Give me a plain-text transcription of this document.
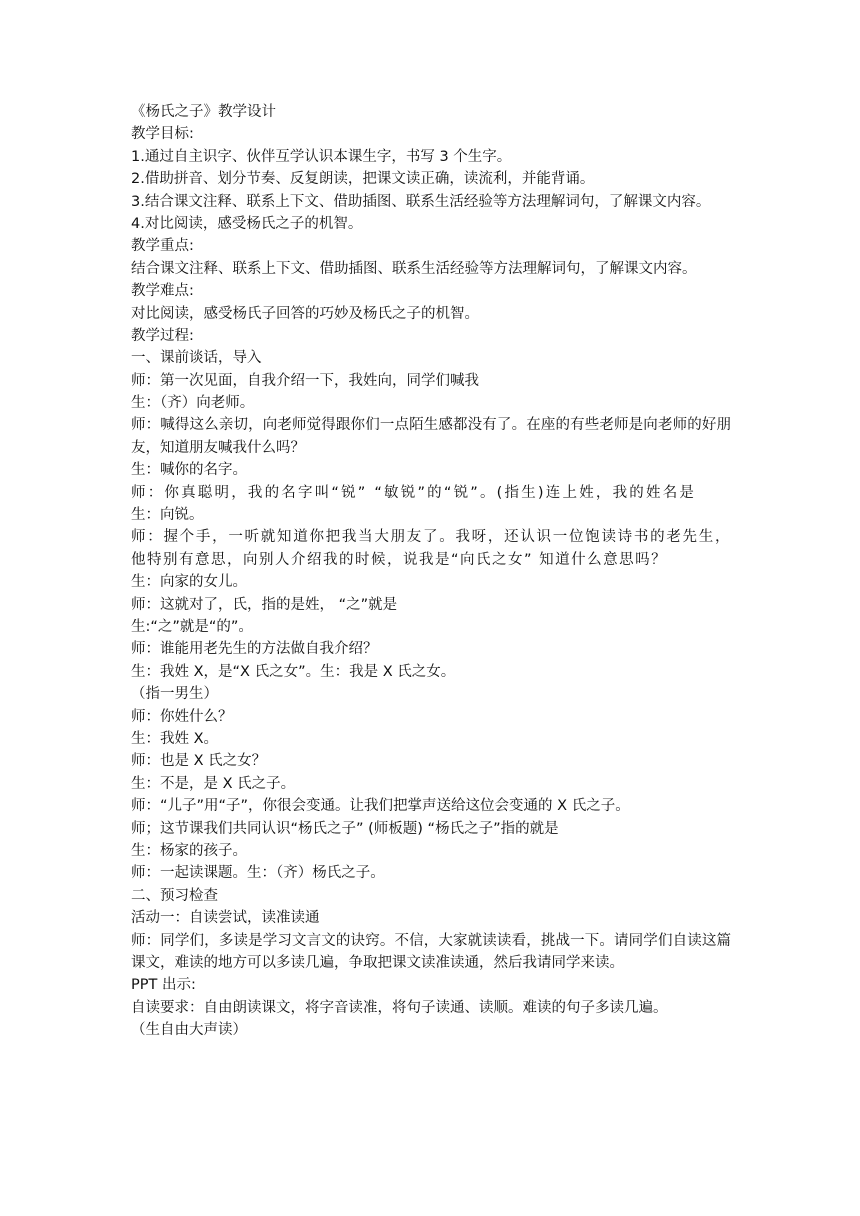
《杨氏之子》教学设计
教学目标:
1.通过自主识字、伙伴互学认识本课生字，书写 3 个生字。
2.借助拼音、划分节奏、反复朗读，把课文读正确，读流利，并能背诵。
3.结合课文注释、联系上下文、借助插图、联系生活经验等方法理解词句，了解课文内容。
4.对比阅读，感受杨氏之子的机智。
教学重点:
结合课文注释、联系上下文、借助插图、联系生活经验等方法理解词句，了解课文内容。
教学难点:
对比阅读，感受杨氏子回答的巧妙及杨氏之子的机智。
教学过程:
一、课前谈话，导入
师：第一次见面，自我介绍一下，我姓向，同学们喊我
生：（齐）向老师。
师：喊得这么亲切，向老师觉得跟你们一点陌生感都没有了。在座的有些老师是向老师的好朋友，知道朋友喊我什么吗？
生：喊你的名字。
师：你真聪明，我的名字叫“锐” “敏锐”的“锐”。(指生)连上姓，我的姓名是
生：向锐。
师：握个手，一听就知道你把我当大朋友了。我呀，还认识一位饱读诗书的老先生，他特别有意思，向别人介绍我的时候，说我是“向氏之女” 知道什么意思吗？
生：向家的女儿。
师：这就对了，氏，指的是姓， “之”就是
生:“之”就是“的”。
师：谁能用老先生的方法做自我介绍？
生：我姓 X，是“X 氏之女”。生：我是 X 氏之女。
（指一男生）
师：你姓什么？
生：我姓 X。
师：也是 X 氏之女？
生：不是，是 X 氏之子。
师：“儿子”用“子”，你很会变通。让我们把掌声送给这位会变通的 X 氏之子。
师；这节课我们共同认识“杨氏之子” (师板题) “杨氏之子”指的就是
生：杨家的孩子。
师：一起读课题。生：（齐）杨氏之子。
二、预习检查
活动一：自读尝试，读准读通
师：同学们，多读是学习文言文的诀窍。不信，大家就读读看，挑战一下。请同学们自读这篇课文，难读的地方可以多读几遍，争取把课文读准读通，然后我请同学来读。
PPT 出示:
自读要求：自由朗读课文，将字音读准，将句子读通、读顺。难读的句子多读几遍。
（生自由大声读）
